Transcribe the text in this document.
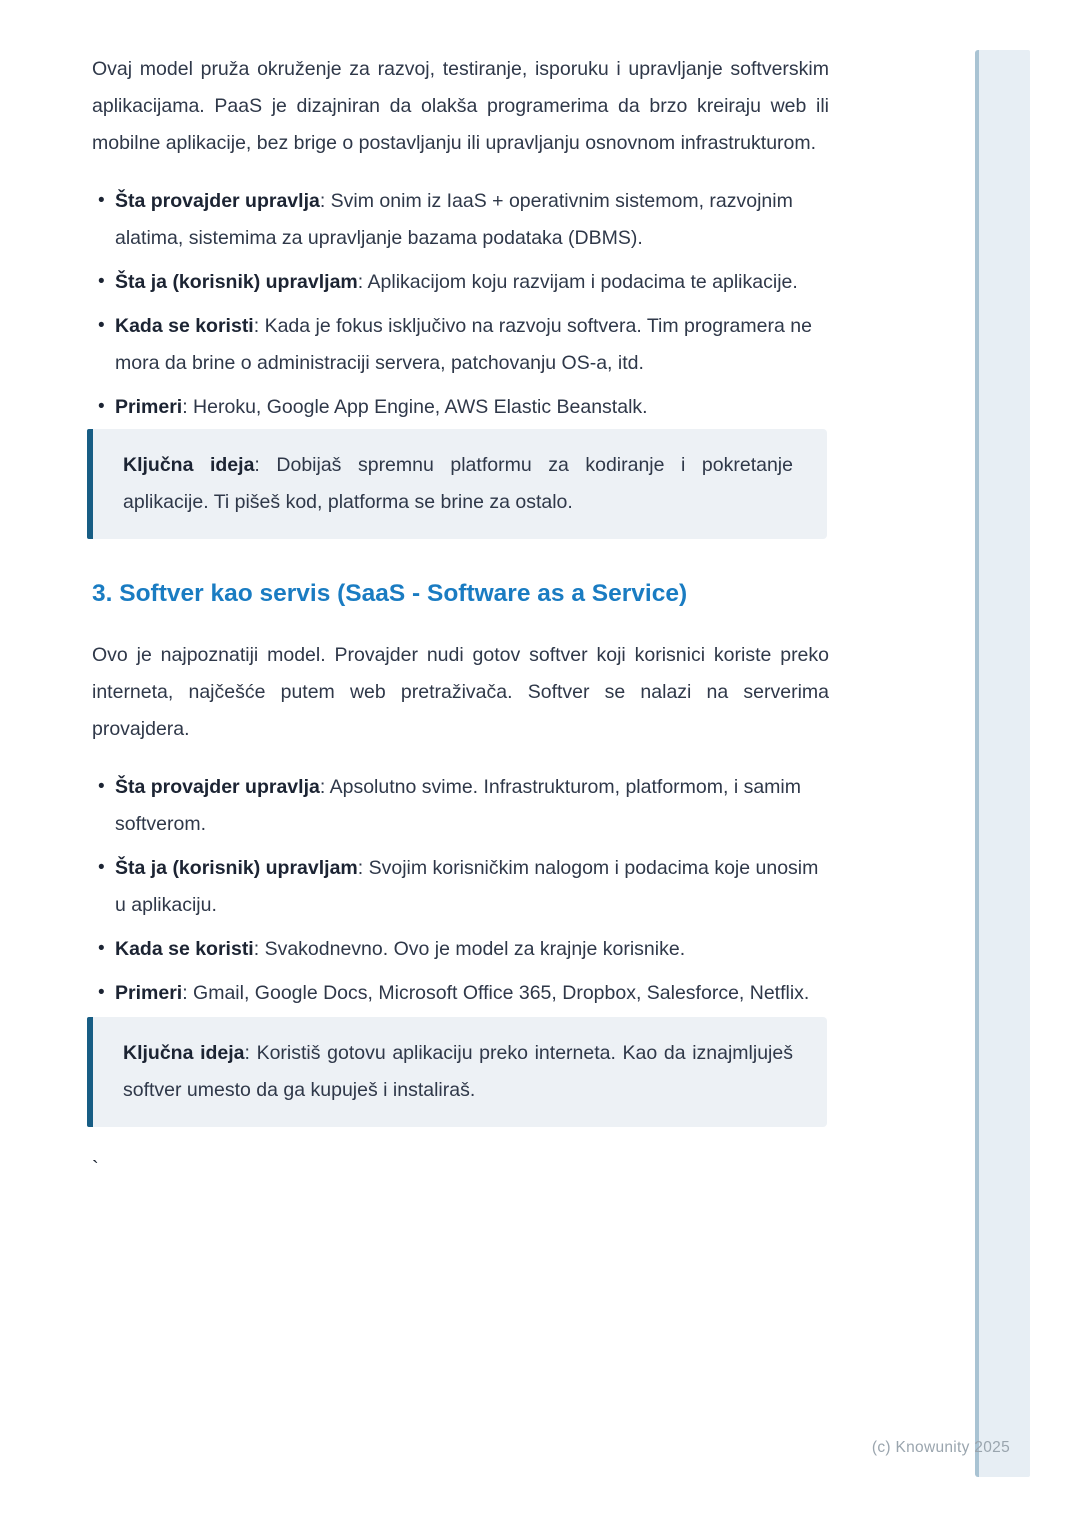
Ovaj model pruža okruženje za razvoj, testiranje, isporuku i upravljanje softverskim aplikacijama. PaaS je dizajniran da olakša programerima da brzo kreiraju web ili mobilne aplikacije, bez brige o postavljanju ili upravljanju osnovnom infrastrukturom.

• Šta provajder upravlja: Svim onim iz IaaS + operativnim sistemom, razvojnim alatima, sistemima za upravljanje bazama podataka (DBMS).
• Šta ja (korisnik) upravljam: Aplikacijom koju razvijam i podacima te aplikacije.
• Kada se koristi: Kada je fokus isključivo na razvoju softvera. Tim programera ne mora da brine o administraciji servera, patchovanju OS-a, itd.
• Primeri: Heroku, Google App Engine, AWS Elastic Beanstalk.
Ključna ideja: Dobijaš spremnu platformu za kodiranje i pokretanje aplikacije. Ti pišeš kod, platforma se brine za ostalo.
3. Softver kao servis (SaaS - Software as a Service)

Ovo je najpoznatiji model. Provajder nudi gotov softver koji korisnici koriste preko interneta, najčešće putem web pretraživača. Softver se nalazi na serverima provajdera.

• Šta provajder upravlja: Apsolutno svime. Infrastrukturom, platformom, i samim softverom.
• Šta ja (korisnik) upravljam: Svojim korisničkim nalogom i podacima koje unosim u aplikaciju.
• Kada se koristi: Svakodnevno. Ovo je model za krajnje korisnike.
• Primeri: Gmail, Google Docs, Microsoft Office 365, Dropbox, Salesforce, Netflix.
Ključna ideja: Koristiš gotovu aplikaciju preko interneta. Kao da iznajmljuješ softver umesto da ga kupuješ i instaliraš.
`
(c) Knowunity 2025
